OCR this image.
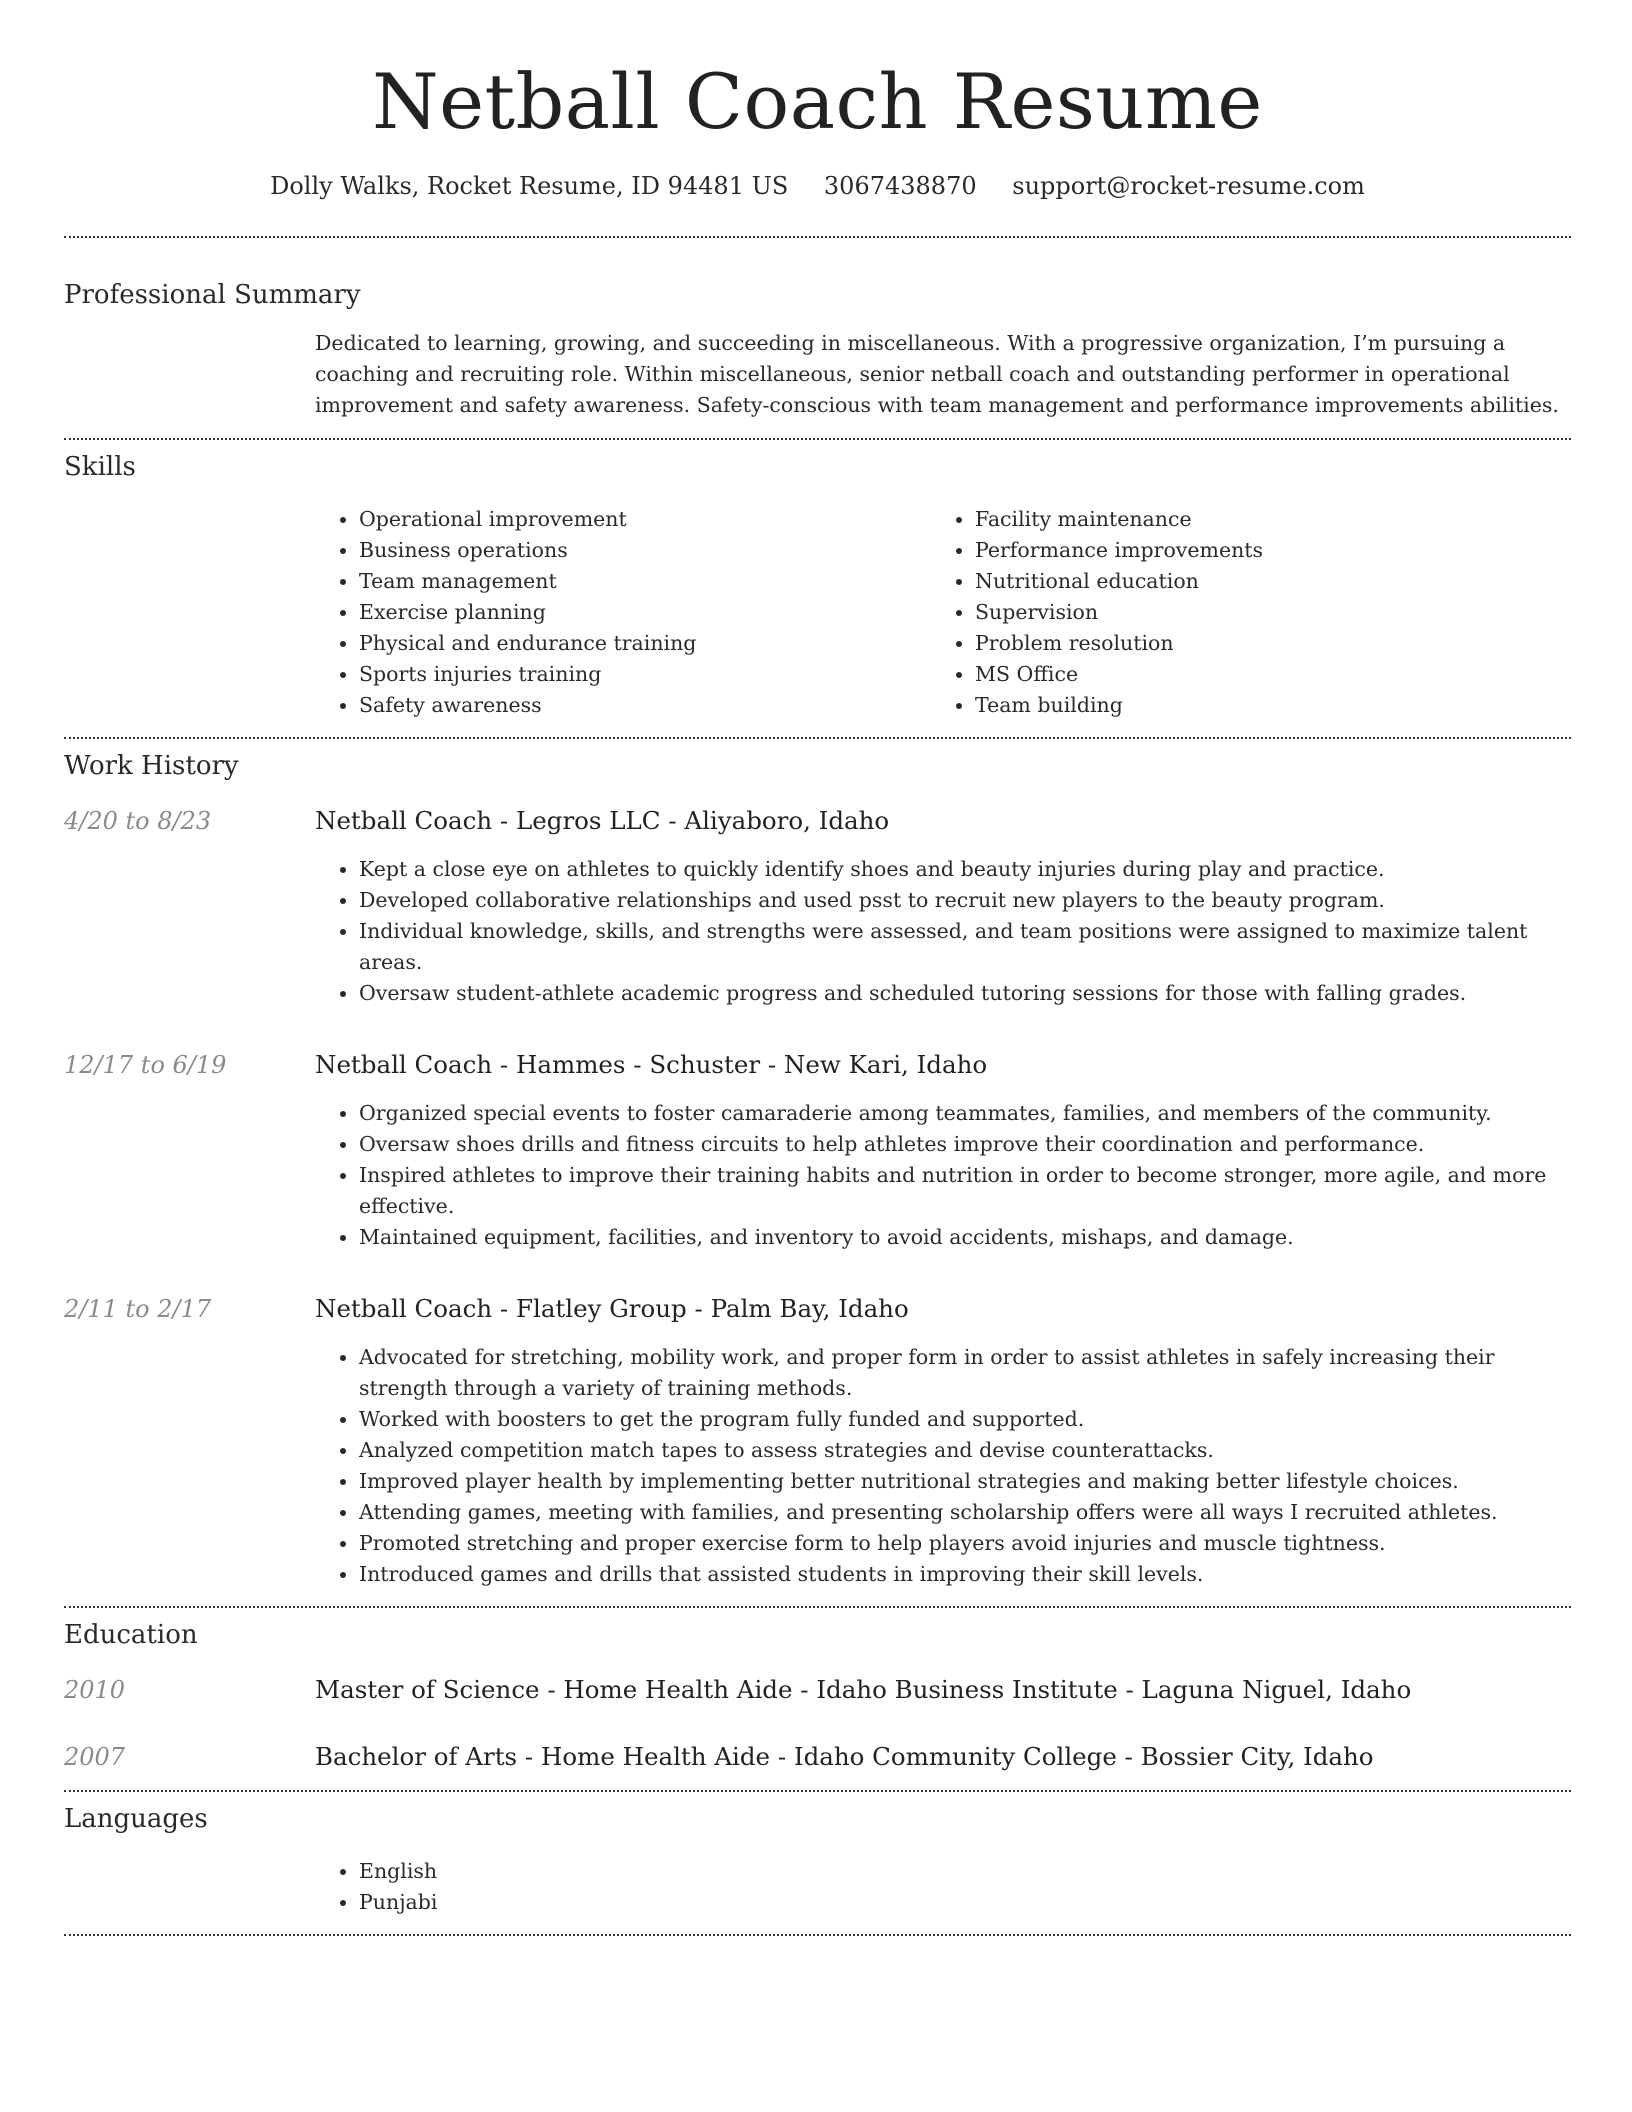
Netball Coach Resume
Dolly Walks, Rocket Resume, ID 94481 US 3067438870 support@rocket-resume.com
Professional Summary
Dedicated to learning, growing, and succeeding in miscellaneous. With a progressive organization, I’m pursuing a coaching and recruiting role. Within miscellaneous, senior netball coach and outstanding performer in operational improvement and safety awareness. Safety-conscious with team management and performance improvements abilities.
Skills
• Operational improvement
• Business operations
• Team management
• Exercise planning
• Physical and endurance training
• Sports injuries training
• Safety awareness
• Facility maintenance
• Performance improvements
• Nutritional education
• Supervision
• Problem resolution
• MS Office
• Team building
Work History
4/20 to 8/23	Netball Coach - Legros LLC - Aliyaboro, Idaho
• Kept a close eye on athletes to quickly identify shoes and beauty injuries during play and practice.
• Developed collaborative relationships and used psst to recruit new players to the beauty program.
• Individual knowledge, skills, and strengths were assessed, and team positions were assigned to maximize talent areas.
• Oversaw student-athlete academic progress and scheduled tutoring sessions for those with falling grades.
12/17 to 6/19	Netball Coach - Hammes - Schuster - New Kari, Idaho
• Organized special events to foster camaraderie among teammates, families, and members of the community.
• Oversaw shoes drills and fitness circuits to help athletes improve their coordination and performance.
• Inspired athletes to improve their training habits and nutrition in order to become stronger, more agile, and more effective.
• Maintained equipment, facilities, and inventory to avoid accidents, mishaps, and damage.
2/11 to 2/17	Netball Coach - Flatley Group - Palm Bay, Idaho
• Advocated for stretching, mobility work, and proper form in order to assist athletes in safely increasing their strength through a variety of training methods.
• Worked with boosters to get the program fully funded and supported.
• Analyzed competition match tapes to assess strategies and devise counterattacks.
• Improved player health by implementing better nutritional strategies and making better lifestyle choices.
• Attending games, meeting with families, and presenting scholarship offers were all ways I recruited athletes.
• Promoted stretching and proper exercise form to help players avoid injuries and muscle tightness.
• Introduced games and drills that assisted students in improving their skill levels.
Education
2010	Master of Science - Home Health Aide - Idaho Business Institute - Laguna Niguel, Idaho
2007	Bachelor of Arts - Home Health Aide - Idaho Community College - Bossier City, Idaho
Languages
• English
• Punjabi
